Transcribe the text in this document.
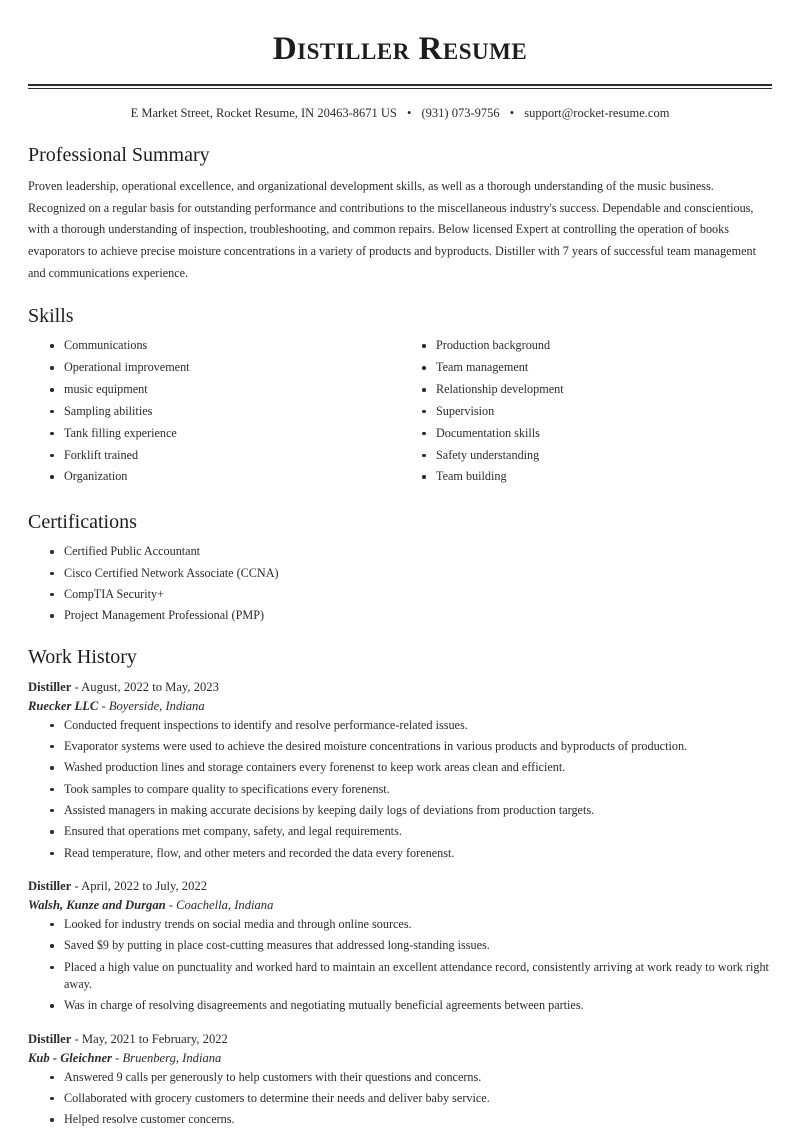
Distiller Resume
E Market Street, Rocket Resume, IN 20463-8671 US • (931) 073-9756 • support@rocket-resume.com
Professional Summary

Proven leadership, operational excellence, and organizational development skills, as well as a thorough understanding of the music business. Recognized on a regular basis for outstanding performance and contributions to the miscellaneous industry's success. Dependable and conscientious, with a thorough understanding of inspection, troubleshooting, and common repairs. Below licensed Expert at controlling the operation of books evaporators to achieve precise moisture concentrations in a variety of products and byproducts. Distiller with 7 years of successful team management and communications experience.

Skills
Communications
Operational improvement
music equipment
Sampling abilities
Tank filling experience
Forklift trained
Organization
Production background
Team management
Relationship development
Supervision
Documentation skills
Safety understanding
Team building
Certifications
Certified Public Accountant
Cisco Certified Network Associate (CCNA)
CompTIA Security+
Project Management Professional (PMP)
Work History
Distiller - August, 2022 to May, 2023
Ruecker LLC - Boyerside, Indiana
Conducted frequent inspections to identify and resolve performance-related issues.
Evaporator systems were used to achieve the desired moisture concentrations in various products and byproducts of production.
Washed production lines and storage containers every forenenst to keep work areas clean and efficient.
Took samples to compare quality to specifications every forenenst.
Assisted managers in making accurate decisions by keeping daily logs of deviations from production targets.
Ensured that operations met company, safety, and legal requirements.
Read temperature, flow, and other meters and recorded the data every forenenst.
Distiller - April, 2022 to July, 2022
Walsh, Kunze and Durgan - Coachella, Indiana
Looked for industry trends on social media and through online sources.
Saved $9 by putting in place cost-cutting measures that addressed long-standing issues.
Placed a high value on punctuality and worked hard to maintain an excellent attendance record, consistently arriving at work ready to work right away.
Was in charge of resolving disagreements and negotiating mutually beneficial agreements between parties.
Distiller - May, 2021 to February, 2022
Kub - Gleichner - Bruenberg, Indiana
Answered 9 calls per generously to help customers with their questions and concerns.
Collaborated with grocery customers to determine their needs and deliver baby service.
Helped resolve customer concerns.
